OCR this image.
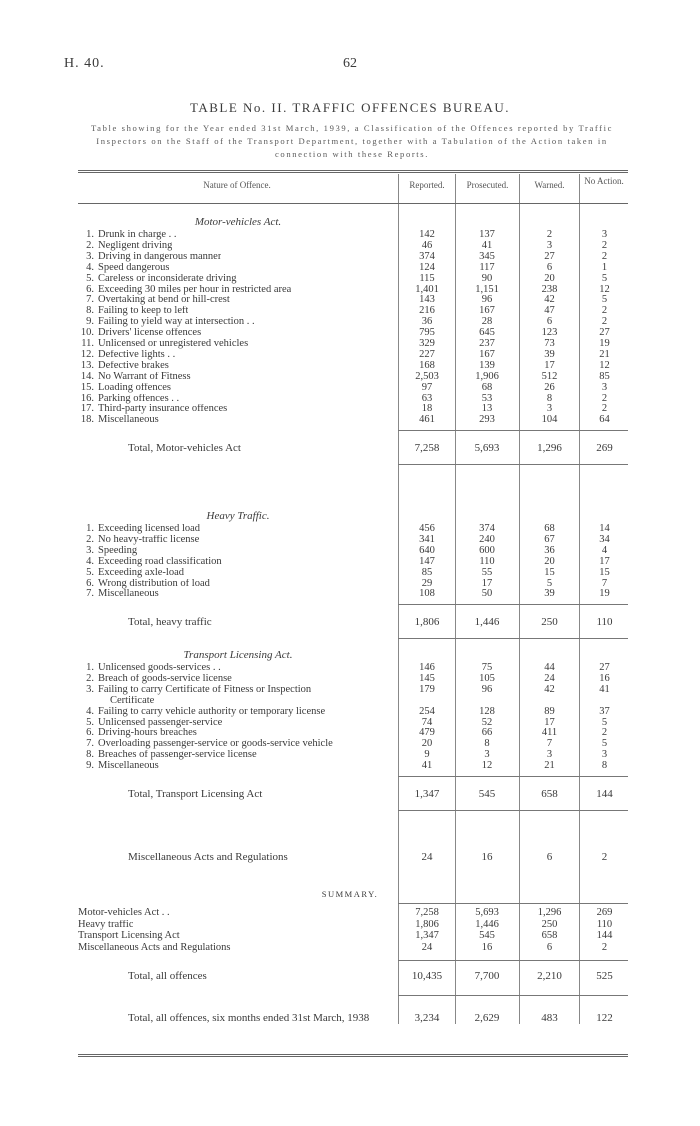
H. 40.	62
TABLE No. II. TRAFFIC OFFENCES BUREAU.
Table showing for the Year ended 31st March, 1939, a Classification of the Offences reported by Traffic Inspectors on the Staff of the Transport Department, together with a Tabulation of the Action taken in connection with these Reports.
Nature of Offence.	Reported.	Prosecuted.	Warned.	No Action.
Motor-vehicles Act.
1. Drunk in charge . .	142	137	2	3
2. Negligent driving	46	41	3	2
3. Driving in dangerous manner	374	345	27	2
4. Speed dangerous	124	117	6	1
5. Careless or inconsiderate driving	115	90	20	5
6. Exceeding 30 miles per hour in restricted area	1,401	1,151	238	12
7. Overtaking at bend or hill-crest	143	96	42	5
8. Failing to keep to left	216	167	47	2
9. Failing to yield way at intersection . .	36	28	6	2
10. Drivers' license offences	795	645	123	27
11. Unlicensed or unregistered vehicles	329	237	73	19
12. Defective lights . .	227	167	39	21
13. Defective brakes	168	139	17	12
14. No Warrant of Fitness	2,503	1,906	512	85
15. Loading offences	97	68	26	3
16. Parking offences . .	63	53	8	2
17. Third-party insurance offences	18	13	3	2
18. Miscellaneous	461	293	104	64
Total, Motor-vehicles Act	7,258	5,693	1,296	269
Heavy Traffic.
1. Exceeding licensed load	456	374	68	14
2. No heavy-traffic license	341	240	67	34
3. Speeding	640	600	36	4
4. Exceeding road classification	147	110	20	17
5. Exceeding axle-load	85	55	15	15
6. Wrong distribution of load	29	17	5	7
7. Miscellaneous	108	50	39	19
Total, heavy traffic	1,806	1,446	250	110
Transport Licensing Act.
1. Unlicensed goods-services . .	146	75	44	27
2. Breach of goods-service license	145	105	24	16
3. Failing to carry Certificate of Fitness or Inspection	179	96	42	41
Certificate
4. Failing to carry vehicle authority or temporary license	254	128	89	37
5. Unlicensed passenger-service	74	52	17	5
6. Driving-hours breaches	479	66	411	2
7. Overloading passenger-service or goods-service vehicle	20	8	7	5
8. Breaches of passenger-service license	9	3	3	3
9. Miscellaneous	41	12	21	8
Total, Transport Licensing Act	1,347	545	658	144
Miscellaneous Acts and Regulations	24	16	6	2
SUMMARY.
Motor-vehicles Act . .	7,258	5,693	1,296	269
Heavy traffic	1,806	1,446	250	110
Transport Licensing Act	1,347	545	658	144
Miscellaneous Acts and Regulations	24	16	6	2
Total, all offences	10,435	7,700	2,210	525
Total, all offences, six months ended 31st March, 1938	3,234	2,629	483	122
